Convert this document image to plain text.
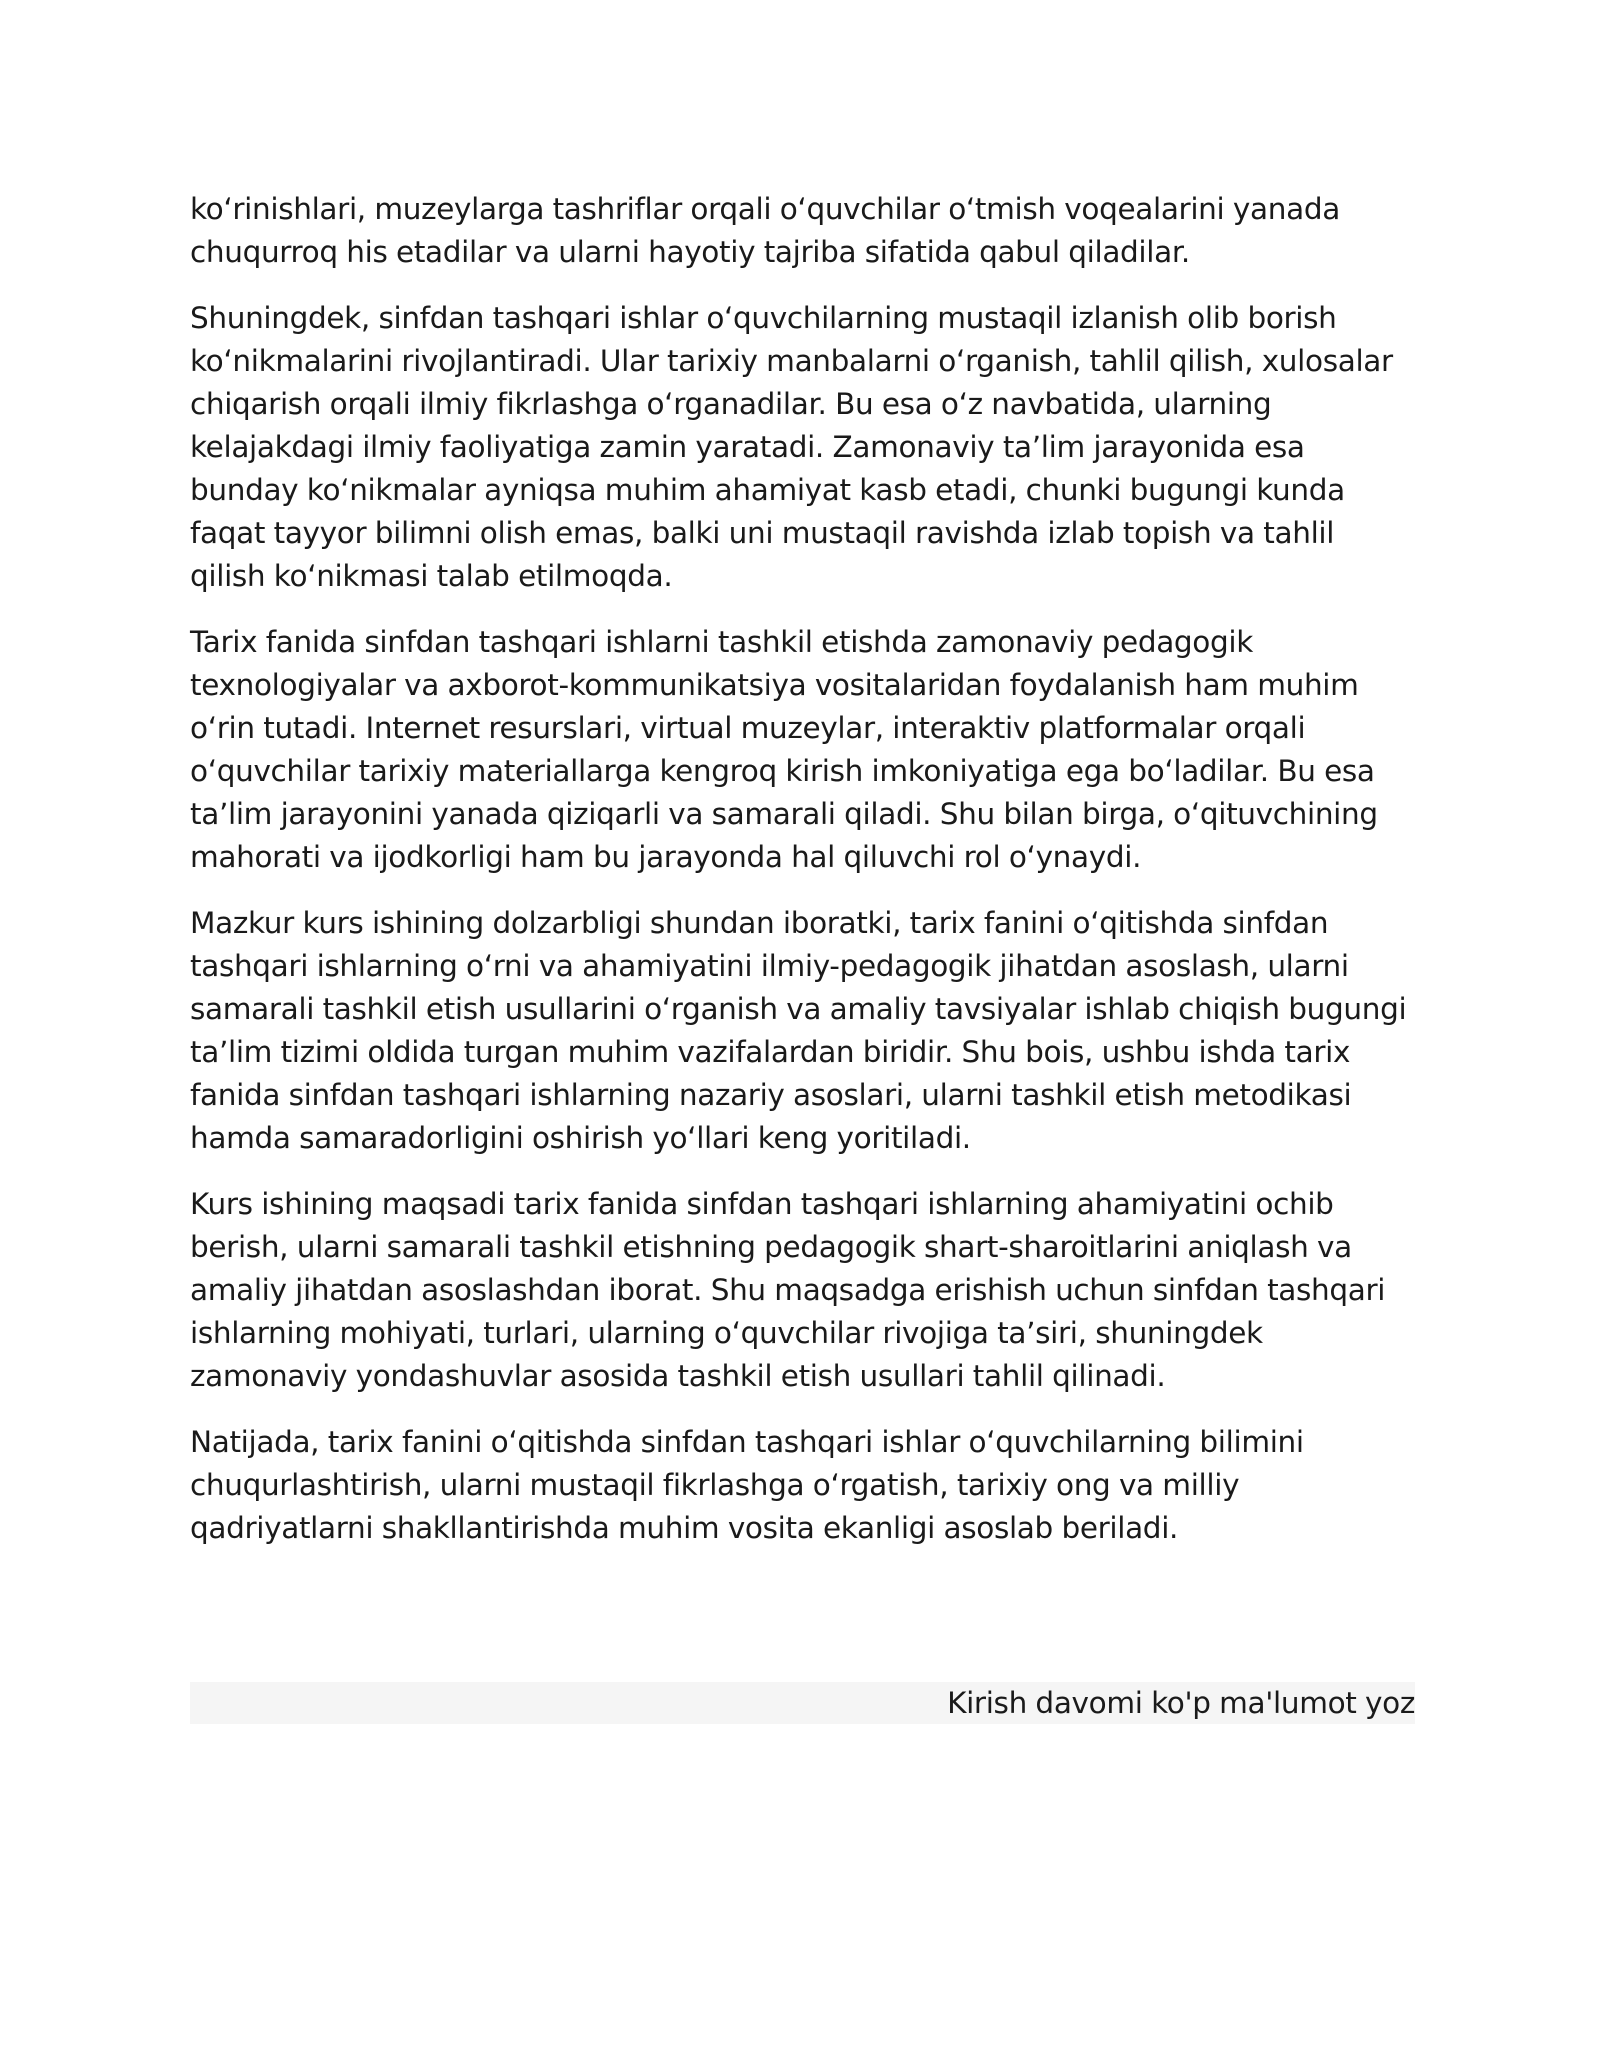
koʻrinishlari, muzeylarga tashriflar orqali oʻquvchilar oʻtmish voqealarini yanada chuqurroq his etadilar va ularni hayotiy tajriba sifatida qabul qiladilar.

Shuningdek, sinfdan tashqari ishlar oʻquvchilarning mustaqil izlanish olib borish koʻnikmalarini rivojlantiradi. Ular tarixiy manbalarni oʻrganish, tahlil qilish, xulosalar chiqarish orqali ilmiy fikrlashga oʻrganadilar. Bu esa oʻz navbatida, ularning kelajakdagi ilmiy faoliyatiga zamin yaratadi. Zamonaviy taʼlim jarayonida esa bunday koʻnikmalar ayniqsa muhim ahamiyat kasb etadi, chunki bugungi kunda faqat tayyor bilimni olish emas, balki uni mustaqil ravishda izlab topish va tahlil qilish koʻnikmasi talab etilmoqda.

Tarix fanida sinfdan tashqari ishlarni tashkil etishda zamonaviy pedagogik texnologiyalar va axborot-kommunikatsiya vositalaridan foydalanish ham muhim oʻrin tutadi. Internet resurslari, virtual muzeylar, interaktiv platformalar orqali oʻquvchilar tarixiy materiallarga kengroq kirish imkoniyatiga ega boʻladilar. Bu esa taʼlim jarayonini yanada qiziqarli va samarali qiladi. Shu bilan birga, oʻqituvchining mahorati va ijodkorligi ham bu jarayonda hal qiluvchi rol oʻynaydi.

Mazkur kurs ishining dolzarbligi shundan iboratki, tarix fanini oʻqitishda sinfdan tashqari ishlarning oʻrni va ahamiyatini ilmiy-pedagogik jihatdan asoslash, ularni samarali tashkil etish usullarini oʻrganish va amaliy tavsiyalar ishlab chiqish bugungi taʼlim tizimi oldida turgan muhim vazifalardan biridir. Shu bois, ushbu ishda tarix fanida sinfdan tashqari ishlarning nazariy asoslari, ularni tashkil etish metodikasi hamda samaradorligini oshirish yoʻllari keng yoritiladi.

Kurs ishining maqsadi tarix fanida sinfdan tashqari ishlarning ahamiyatini ochib berish, ularni samarali tashkil etishning pedagogik shart-sharoitlarini aniqlash va amaliy jihatdan asoslashdan iborat. Shu maqsadga erishish uchun sinfdan tashqari ishlarning mohiyati, turlari, ularning oʻquvchilar rivojiga taʼsiri, shuningdek zamonaviy yondashuvlar asosida tashkil etish usullari tahlil qilinadi.

Natijada, tarix fanini oʻqitishda sinfdan tashqari ishlar oʻquvchilarning bilimini chuqurlashtirish, ularni mustaqil fikrlashga oʻrgatish, tarixiy ong va milliy qadriyatlarni shakllantirishda muhim vosita ekanligi asoslab beriladi.

Kirish davomi ko'p ma'lumot yoz
